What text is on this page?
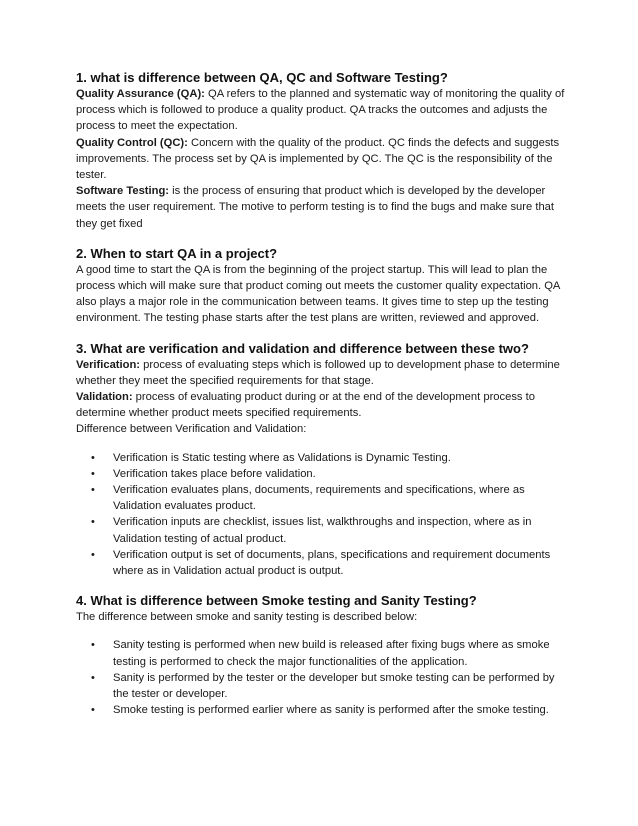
1. what is difference between QA, QC and Software Testing?

Quality Assurance (QA): QA refers to the planned and systematic way of monitoring the quality of process which is followed to produce a quality product. QA tracks the outcomes and adjusts the process to meet the expectation.

Quality Control (QC): Concern with the quality of the product. QC finds the defects and suggests improvements. The process set by QA is implemented by QC. The QC is the responsibility of the tester.

Software Testing: is the process of ensuring that product which is developed by the developer meets the user requirement. The motive to perform testing is to find the bugs and make sure that they get fixed

2. When to start QA in a project?

A good time to start the QA is from the beginning of the project startup. This will lead to plan the process which will make sure that product coming out meets the customer quality expectation. QA also plays a major role in the communication between teams. It gives time to step up the testing environment. The testing phase starts after the test plans are written, reviewed and approved.

3. What are verification and validation and difference between these two?

Verification: process of evaluating steps which is followed up to development phase to determine whether they meet the specified requirements for that stage.

Validation: process of evaluating product during or at the end of the development process to determine whether product meets specified requirements.

Difference between Verification and Validation:

• Verification is Static testing where as Validations is Dynamic Testing.
• Verification takes place before validation.
• Verification evaluates plans, documents, requirements and specifications, where as Validation evaluates product.
• Verification inputs are checklist, issues list, walkthroughs and inspection, where as in Validation testing of actual product.
• Verification output is set of documents, plans, specifications and requirement documents where as in Validation actual product is output.
4. What is difference between Smoke testing and Sanity Testing?

The difference between smoke and sanity testing is described below:

• Sanity testing is performed when new build is released after fixing bugs where as smoke testing is performed to check the major functionalities of the application.
• Sanity is performed by the tester or the developer but smoke testing can be performed by the tester or developer.
• Smoke testing is performed earlier where as sanity is performed after the smoke testing.
